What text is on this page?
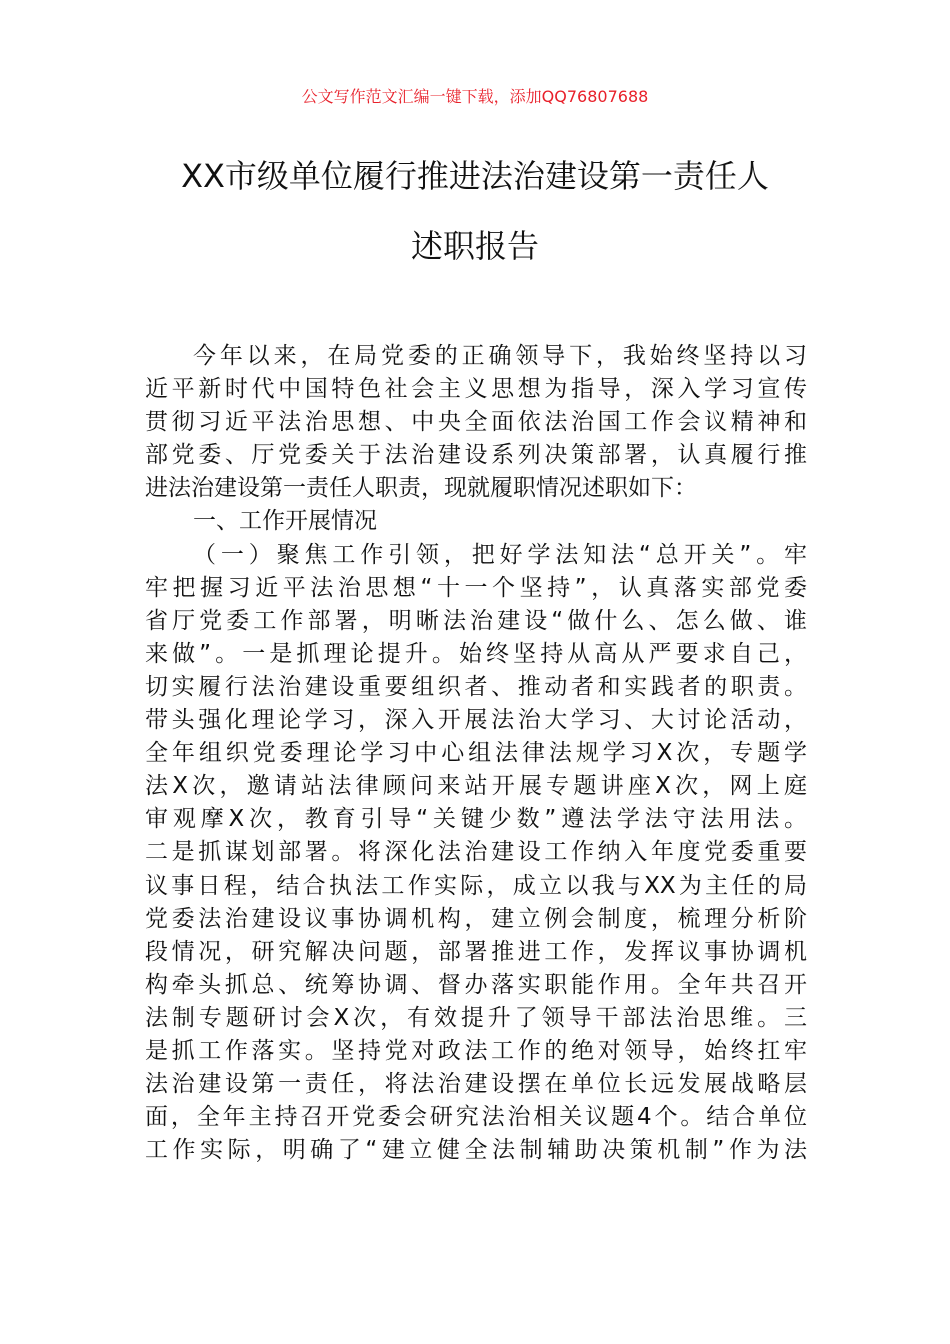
公文写作范文汇编一键下载，添加QQ76807688
XX市级单位履行推进法治建设第一责任人
述职报告
今年以来，在局党委的正确领导下，我始终坚持以习
近平新时代中国特色社会主义思想为指导，深入学习宣传
贯彻习近平法治思想、中央全面依法治国工作会议精神和
部党委、厅党委关于法治建设系列决策部署，认真履行推
进法治建设第一责任人职责，现就履职情况述职如下：
一、工作开展情况
（一）聚焦工作引领，把好学法知法“总开关”。牢
牢把握习近平法治思想“十一个坚持”，认真落实部党委
省厅党委工作部署，明晰法治建设“做什么、怎么做、谁
来做”。一是抓理论提升。始终坚持从高从严要求自己，
切实履行法治建设重要组织者、推动者和实践者的职责。
带头强化理论学习，深入开展法治大学习、大讨论活动，
全年组织党委理论学习中心组法律法规学习X次，专题学
法X次，邀请站法律顾问来站开展专题讲座X次，网上庭
审观摩X次，教育引导“关键少数”遵法学法守法用法。
二是抓谋划部署。将深化法治建设工作纳入年度党委重要
议事日程，结合执法工作实际，成立以我与XX为主任的局
党委法治建设议事协调机构，建立例会制度，梳理分析阶
段情况，研究解决问题，部署推进工作，发挥议事协调机
构牵头抓总、统筹协调、督办落实职能作用。全年共召开
法制专题研讨会X次，有效提升了领导干部法治思维。三
是抓工作落实。坚持党对政法工作的绝对领导，始终扛牢
法治建设第一责任，将法治建设摆在单位长远发展战略层
面，全年主持召开党委会研究法治相关议题4个。结合单位
工作实际，明确了“建立健全法制辅助决策机制”作为法
